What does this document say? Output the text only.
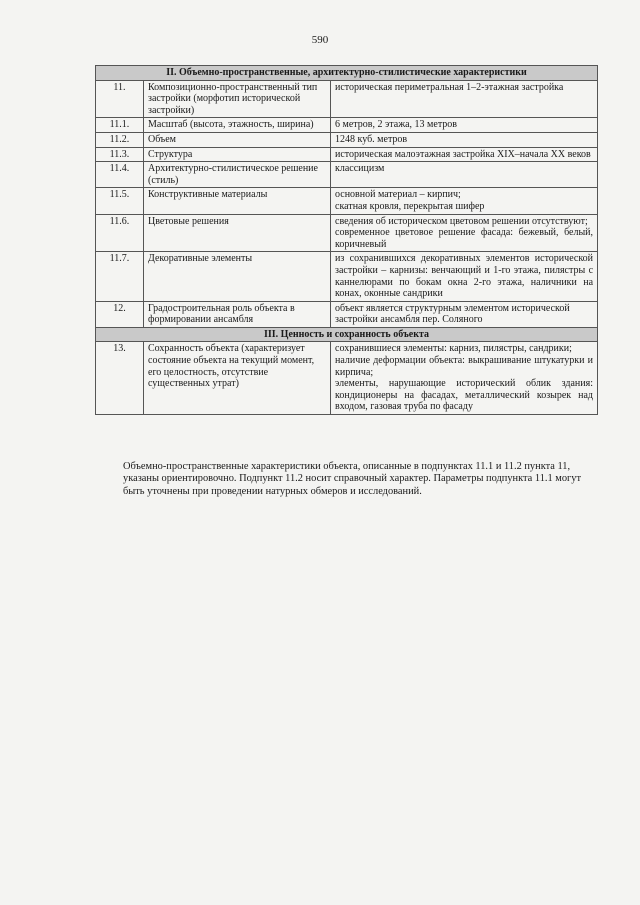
590
II. Объемно-пространственные, архитектурно-стилистические характеристики		
11.	Композиционно-пространственный тип застройки (морфотип исторической застройки)	историческая периметральная 1–2-этажная застройка

11.1.	Масштаб (высота, этажность, ширина)	6 метров, 2 этажа, 13 метров

11.2.	Объем	1248 куб. метров

11.3.	Структура	историческая малоэтажная застройка XIX–начала XX веков

11.4.	Архитектурно-стилистическое решение (стиль)	классицизм

11.5.	Конструктивные материалы	основной материал – кирпич;
скатная кровля, перекрытая шифер

11.6.	Цветовые решения	сведения об историческом цветовом решении отсутствуют;
современное цветовое решение фасада: бежевый, белый, коричневый

11.7.	Декоративные элементы	из сохранившихся декоративных элементов исторической застройки – карнизы: венчающий и 1-го этажа, пилястры с каннелюрами по бокам окна 2-го этажа, наличники на конах, оконные сандрики

12.	Градостроительная роль объекта в формировании ансамбля	объект является структурным элементом исторической застройки ансамбля пер. Соляного

III. Ценность и сохранность объекта		
13.	Сохранность объекта (характеризует состояние объекта на текущий момент, его целостность, отсутствие существенных утрат)	сохранившиеся элементы: карниз, пилястры, сандрики;
наличие деформации объекта: выкрашивание штукатурки и кирпича;
элементы, нарушающие исторический облик здания: кондиционеры на фасадах, металлический козырек над входом, газовая труба по фасаду
Объемно-пространственные характеристики объекта, описанные в подпунктах 11.1 и 11.2 пункта 11, указаны ориентировочно. Подпункт 11.2 носит справочный характер. Параметры подпункта 11.1 могут быть уточнены при проведении натурных обмеров и исследований.
